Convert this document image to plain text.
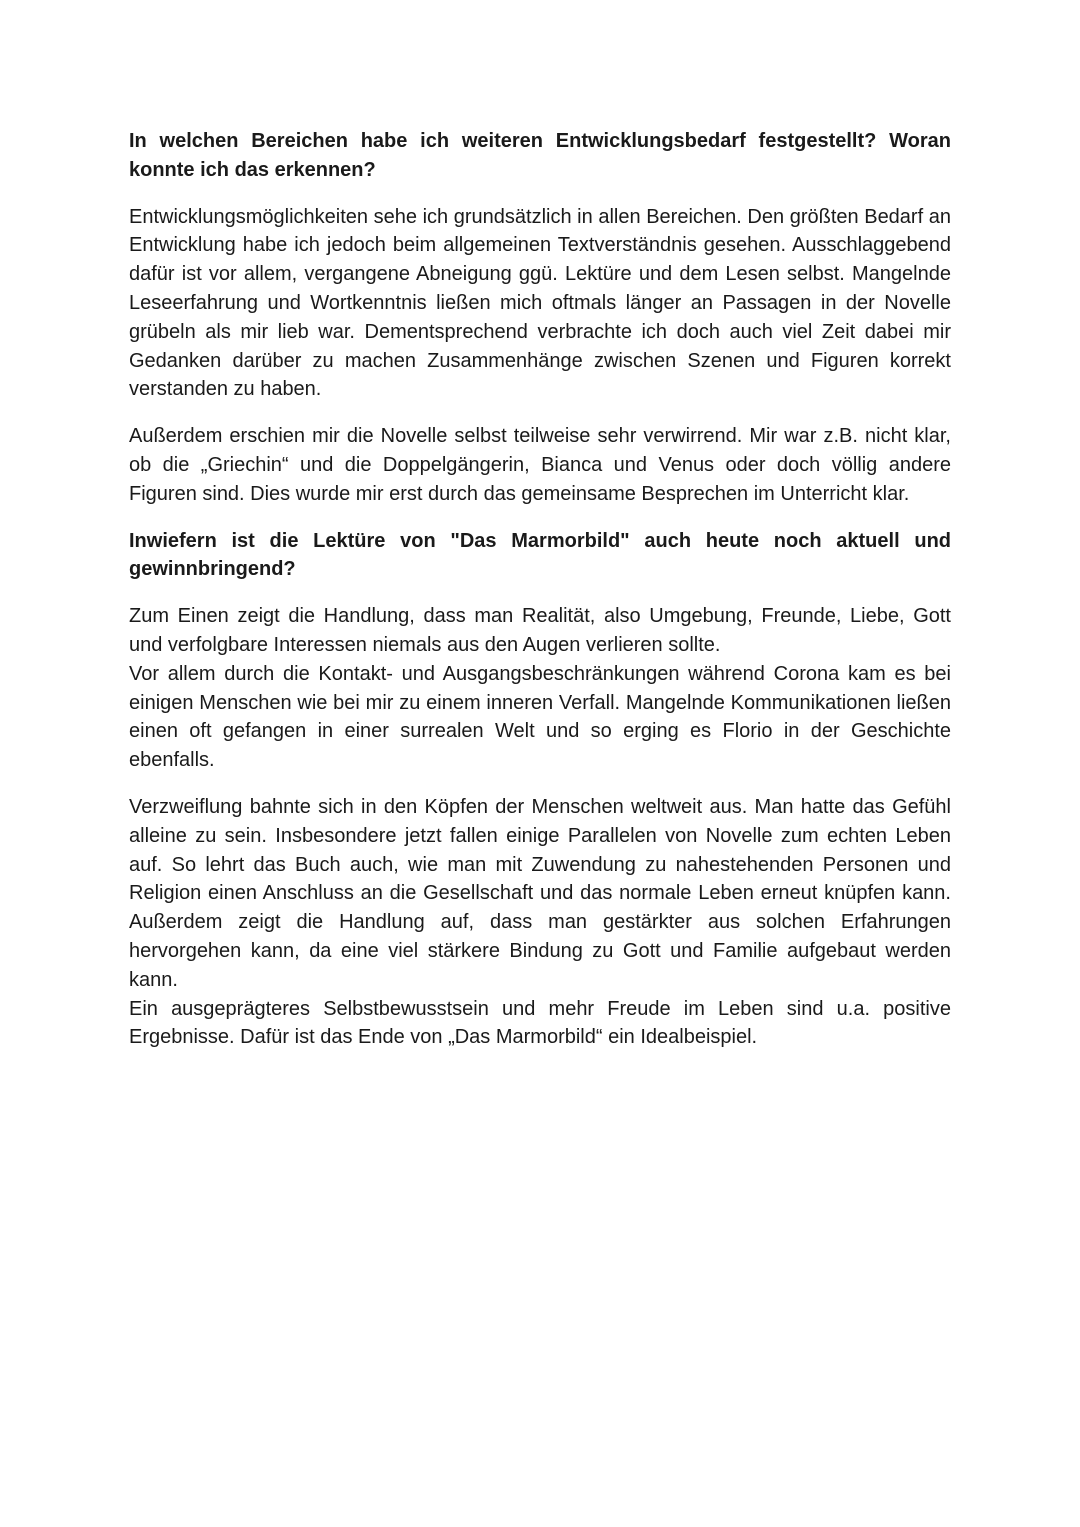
In welchen Bereichen habe ich weiteren Entwicklungsbedarf festgestellt? Woran konnte ich das erkennen?

Entwicklungsmöglichkeiten sehe ich grundsätzlich in allen Bereichen. Den größten Bedarf an Entwicklung habe ich jedoch beim allgemeinen Textverständnis gesehen. Ausschlaggebend dafür ist vor allem, vergangene Abneigung ggü. Lektüre und dem Lesen selbst. Mangelnde Leseerfahrung und Wortkenntnis ließen mich oftmals länger an Passagen in der Novelle grübeln als mir lieb war. Dementsprechend verbrachte ich doch auch viel Zeit dabei mir Gedanken darüber zu machen Zusammenhänge zwischen Szenen und Figuren korrekt verstanden zu haben.

Außerdem erschien mir die Novelle selbst teilweise sehr verwirrend. Mir war z.B. nicht klar, ob die „Griechin“ und die Doppelgängerin, Bianca und Venus oder doch völlig andere Figuren sind. Dies wurde mir erst durch das gemeinsame Besprechen im Unterricht klar.

Inwiefern ist die Lektüre von "Das Marmorbild" auch heute noch aktuell und gewinnbringend?

Zum Einen zeigt die Handlung, dass man Realität, also Umgebung, Freunde, Liebe, Gott und verfolgbare Interessen niemals aus den Augen verlieren sollte.

Vor allem durch die Kontakt- und Ausgangsbeschränkungen während Corona kam es bei einigen Menschen wie bei mir zu einem inneren Verfall. Mangelnde Kommunikationen ließen einen oft gefangen in einer surrealen Welt und so erging es Florio in der Geschichte ebenfalls.

Verzweiflung bahnte sich in den Köpfen der Menschen weltweit aus. Man hatte das Gefühl alleine zu sein. Insbesondere jetzt fallen einige Parallelen von Novelle zum echten Leben auf. So lehrt das Buch auch, wie man mit Zuwendung zu nahestehenden Personen und Religion einen Anschluss an die Gesellschaft und das normale Leben erneut knüpfen kann. Außerdem zeigt die Handlung auf, dass man gestärkter aus solchen Erfahrungen hervorgehen kann, da eine viel stärkere Bindung zu Gott und Familie aufgebaut werden kann.

Ein ausgeprägteres Selbstbewusstsein und mehr Freude im Leben sind u.a. positive Ergebnisse. Dafür ist das Ende von „Das Marmorbild“ ein Idealbeispiel.
